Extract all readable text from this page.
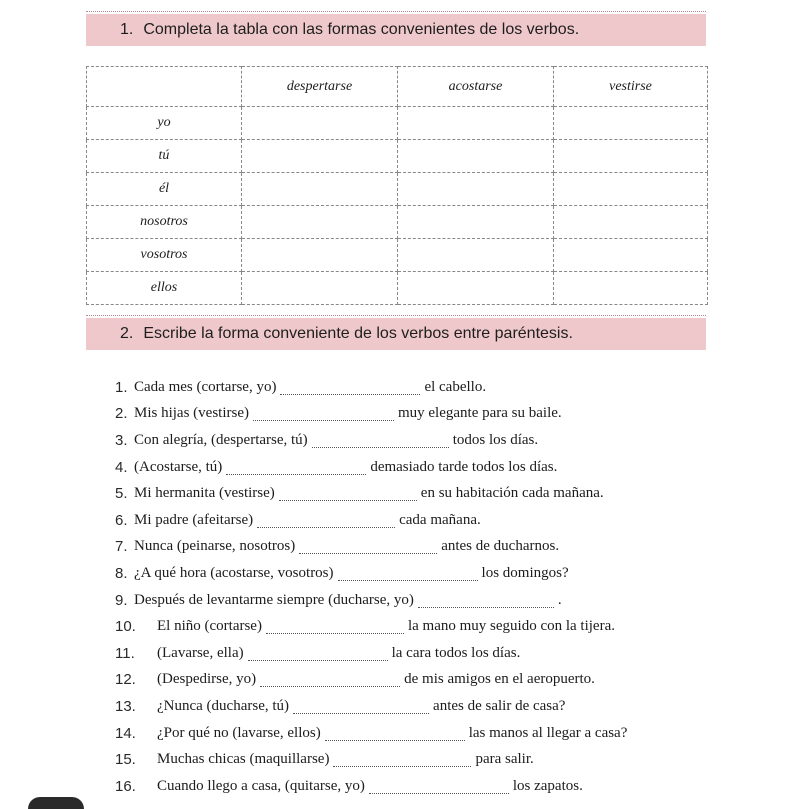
1. Completa la tabla con las formas convenientes de los verbos.
	despertarse	acostarse	vestirse
yo			
tú			
él			
nosotros			
vosotros			
ellos			
2. Escribe la forma conveniente de los verbos entre paréntesis.
1. Cada mes (cortarse, yo)	el cabello.
2. Mis hijas (vestirse)	muy elegante para su baile.
3. Con alegría, (despertarse, tú)	todos los días.
4. (Acostarse, tú)	demasiado tarde todos los días.
5. Mi hermanita (vestirse)	en su habitación cada mañana.
6. Mi padre (afeitarse)	cada mañana.
7. Nunca (peinarse, nosotros)	antes de ducharnos.
8. ¿A qué hora (acostarse, vosotros)	los domingos?
9. Después de levantarme siempre (ducharse, yo)	.
10.	El niño (cortarse)	la mano muy seguido con la tijera.
11.	(Lavarse, ella)	la cara todos los días.
12.	(Despedirse, yo)	de mis amigos en el aeropuerto.
13.	¿Nunca (ducharse, tú)	antes de salir de casa?
14.	¿Por qué no (lavarse, ellos)	las manos al llegar a casa?
15.	Muchas chicas (maquillarse)	para salir.
16.	Cuando llego a casa, (quitarse, yo)	los zapatos.
